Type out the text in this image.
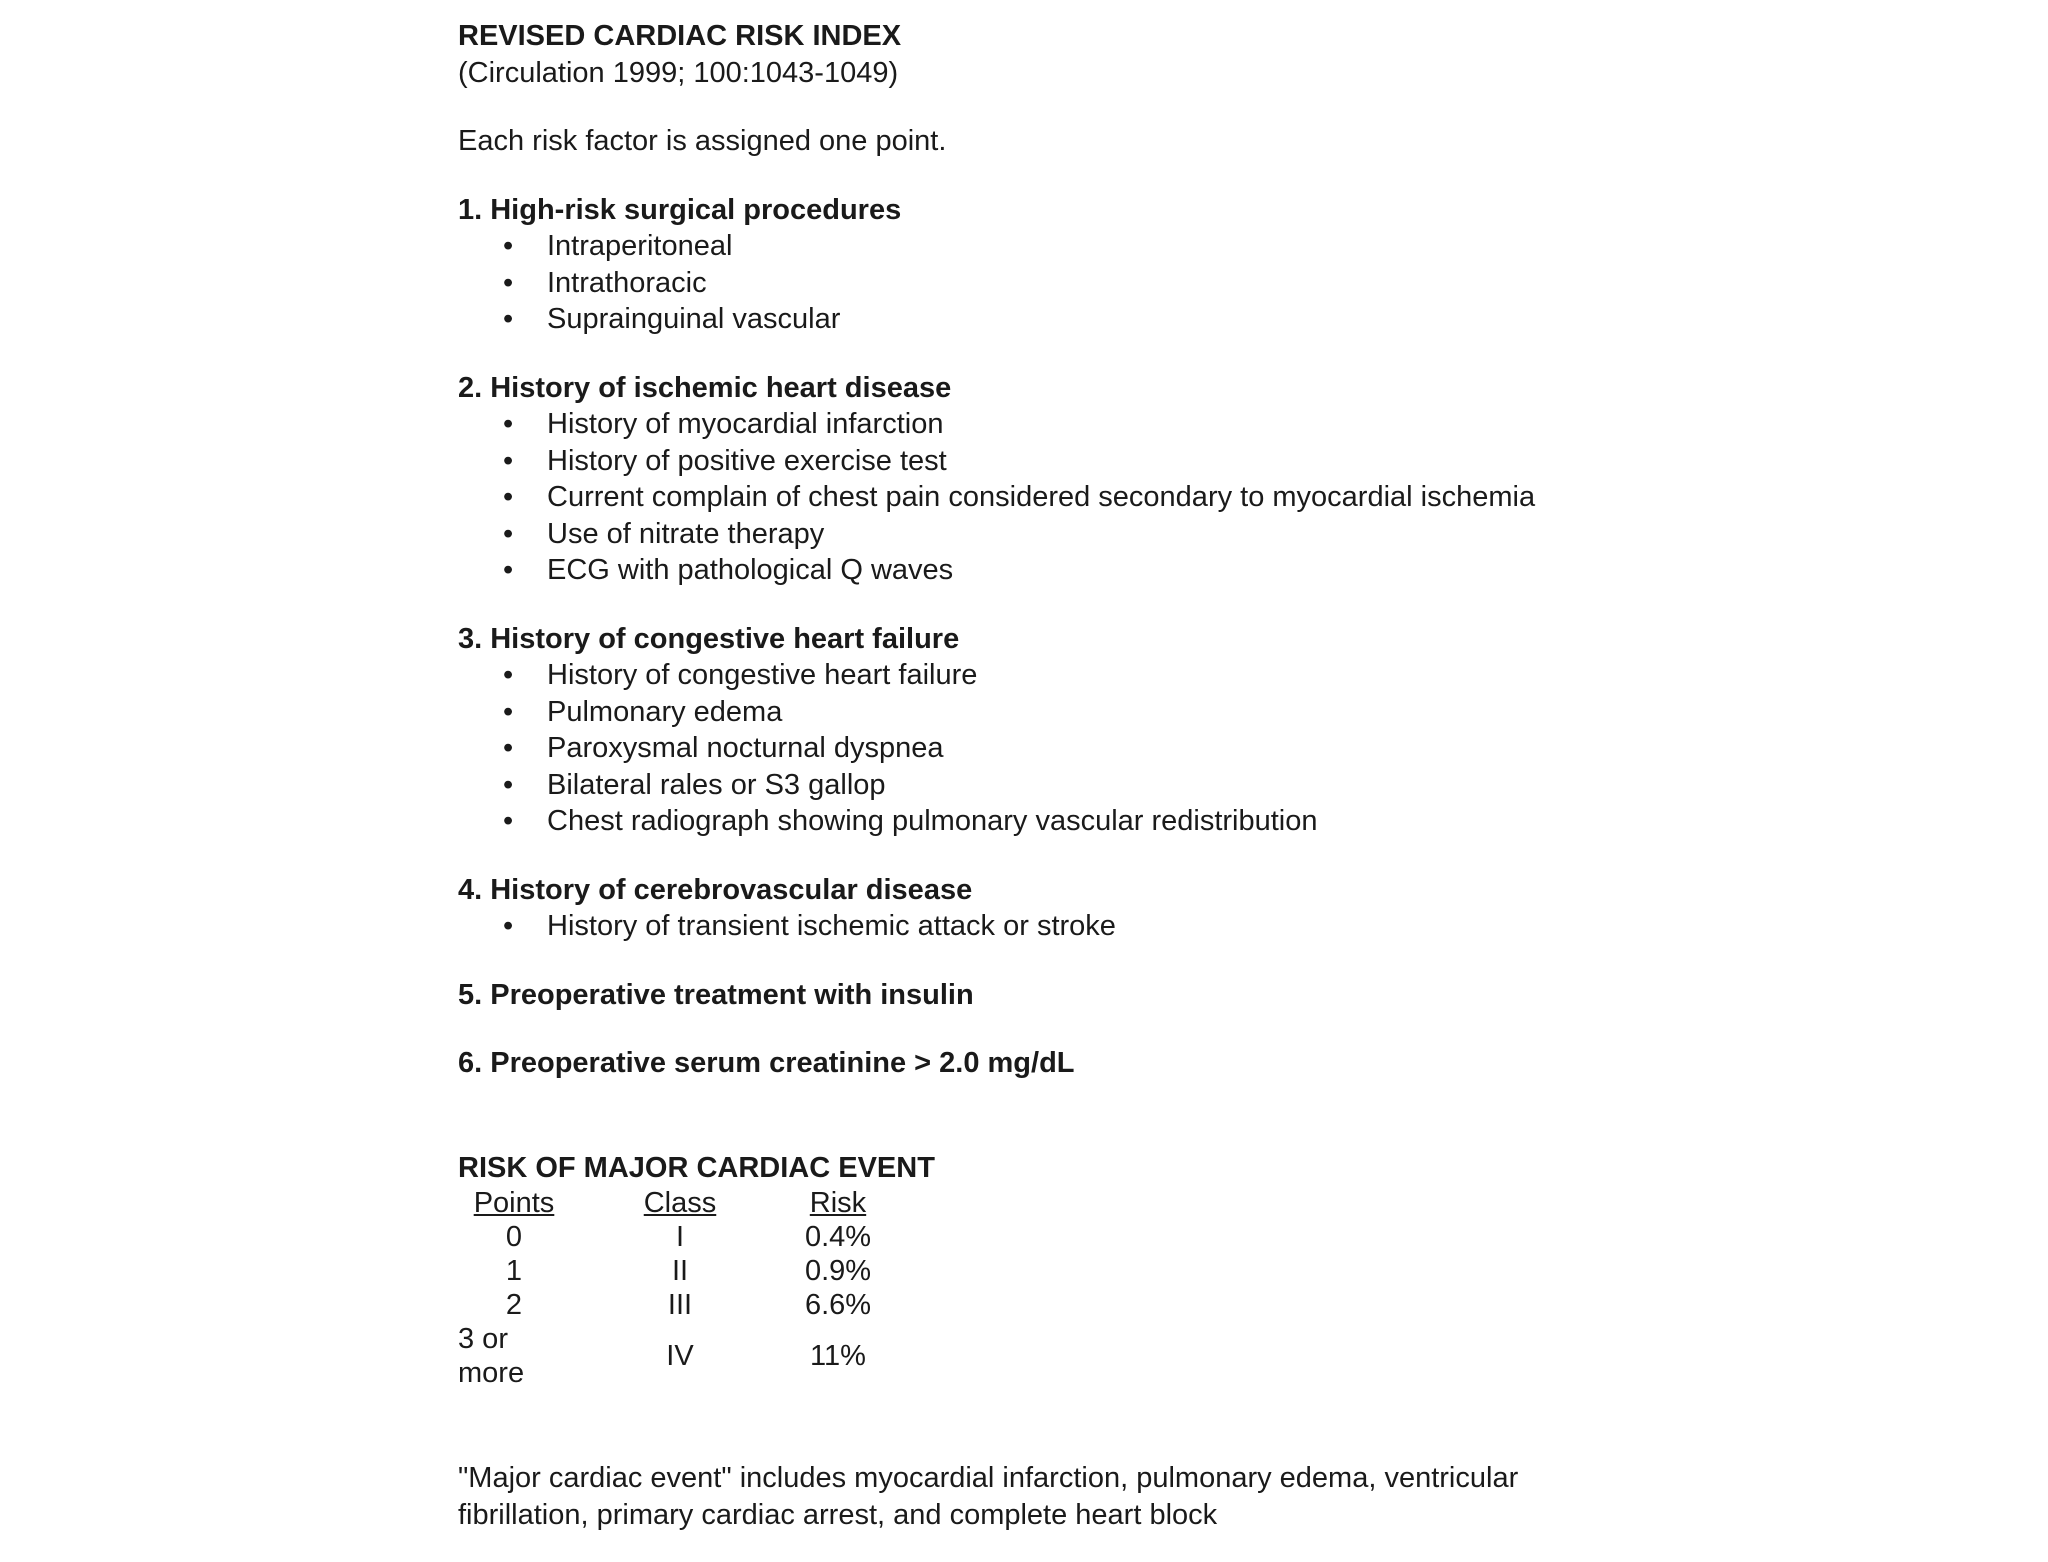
REVISED CARDIAC RISK INDEX

(Circulation 1999; 100:1043-1049)

Each risk factor is assigned one point.

1. High-risk surgical procedures

• Intraperitoneal
• Intrathoracic
• Suprainguinal vascular

2. History of ischemic heart disease

• History of myocardial infarction
• History of positive exercise test
• Current complain of chest pain considered secondary to myocardial ischemia
• Use of nitrate therapy
• ECG with pathological Q waves

3. History of congestive heart failure

• History of congestive heart failure
• Pulmonary edema
• Paroxysmal nocturnal dyspnea
• Bilateral rales or S3 gallop
• Chest radiograph showing pulmonary vascular redistribution

4. History of cerebrovascular disease

• History of transient ischemic attack or stroke

5. Preoperative treatment with insulin

6. Preoperative serum creatinine > 2.0 mg/dL

RISK OF MAJOR CARDIAC EVENT

Points	Class	Risk
0	I	0.4%
1	II	0.9%
2	III	6.6%
3 or more	IV	11%

"Major cardiac event" includes myocardial infarction, pulmonary edema, ventricular fibrillation, primary cardiac arrest, and complete heart block
